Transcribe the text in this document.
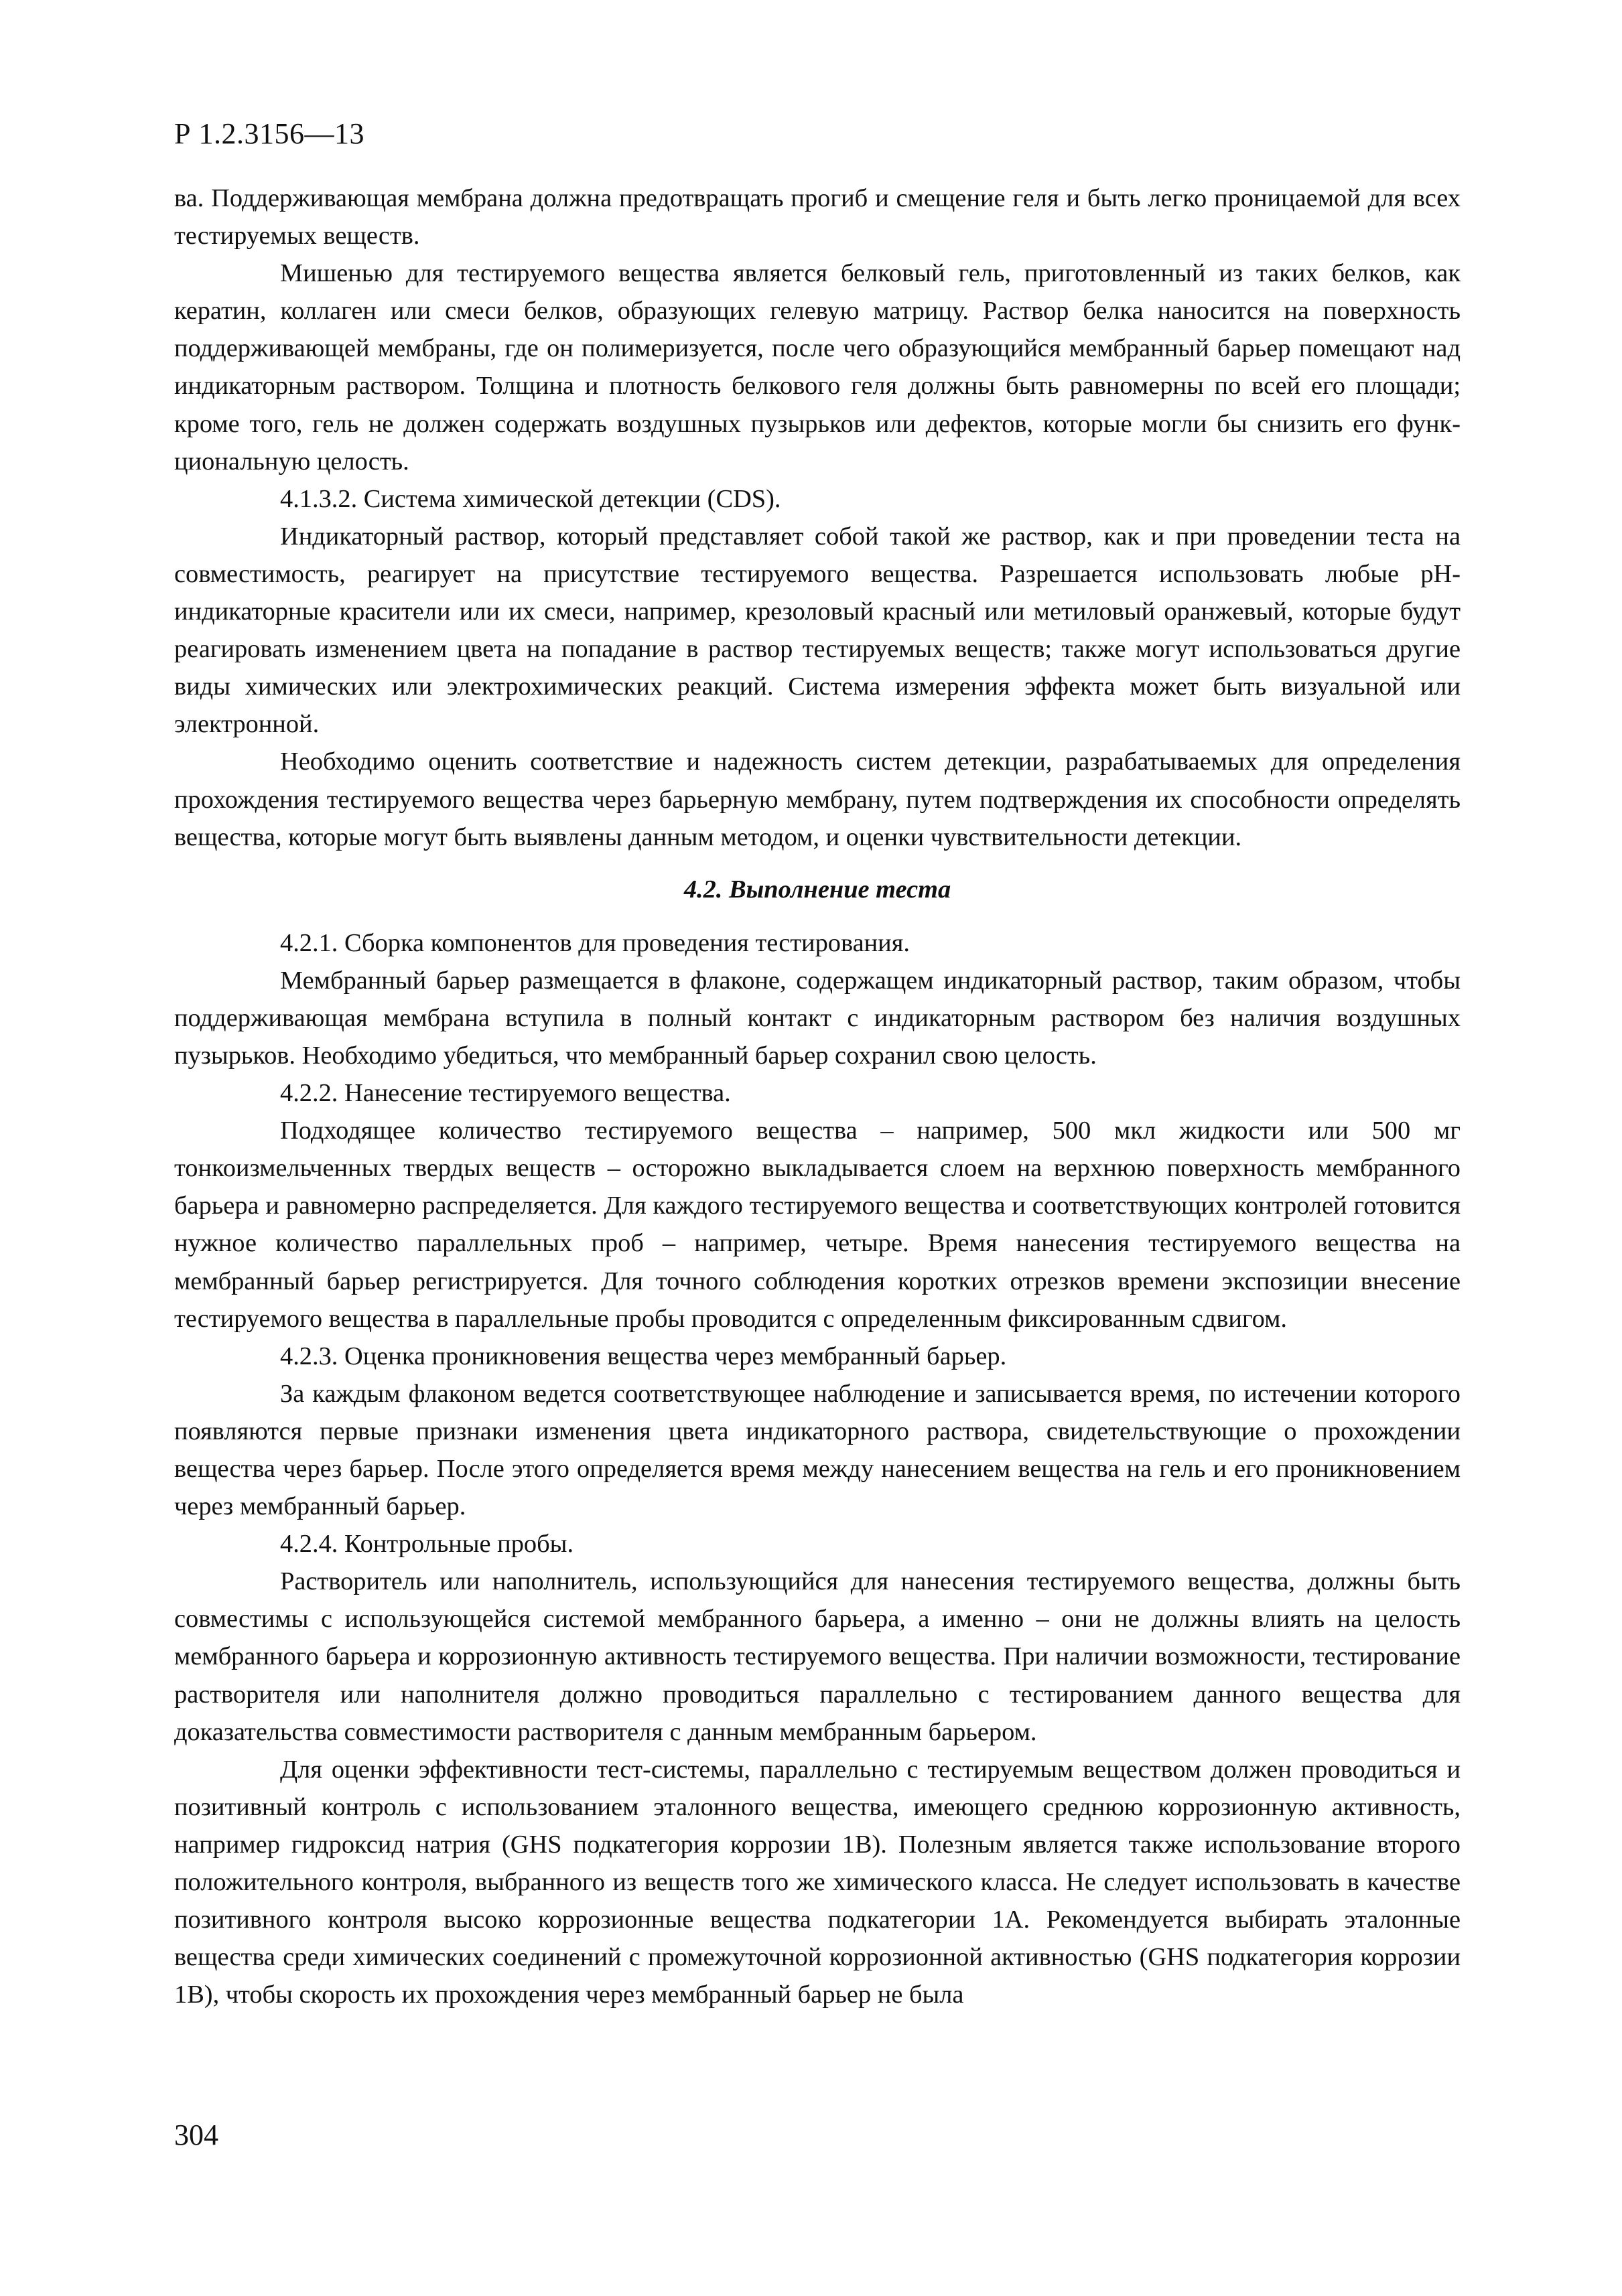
Р 1.2.3156—13

ва. Поддерживающая мембрана должна предотвращать прогиб и смещение геля и быть легко проницаемой для всех тестируемых веществ.

Мишенью для тестируемого вещества является белковый гель, приготовленный из таких белков, как кератин, коллаген или смеси белков, образующих гелевую матрицу. Раствор белка наносится на поверхность поддерживающей мембраны, где он полимеризуется, после чего образующийся мембранный барьер помещают над индикаторным раствором. Толщина и плотность белкового геля должны быть равномерны по всей его площади; кроме того, гель не должен содержать воздушных пузырьков или дефектов, которые могли бы снизить его функциональную целость.

4.1.3.2. Система химической детекции (CDS).

Индикаторный раствор, который представляет собой такой же раствор, как и при проведении теста на совместимость, реагирует на присутствие тестируемого вещества. Разрешается использовать любые рН-индикаторные красители или их смеси, например, крезоловый красный или метиловый оранжевый, которые будут реагировать изменением цвета на попадание в раствор тестируемых веществ; также могут использоваться другие виды химических или электрохимических реакций. Система измерения эффекта может быть визуальной или электронной.

Необходимо оценить соответствие и надежность систем детекции, разрабатываемых для определения прохождения тестируемого вещества через барьерную мембрану, путем подтверждения их способности определять вещества, которые могут быть выявлены данным методом, и оценки чувствительности детекции.

4.2. Выполнение теста

4.2.1. Сборка компонентов для проведения тестирования.

Мембранный барьер размещается в флаконе, содержащем индикаторный раствор, таким образом, чтобы поддерживающая мембрана вступила в полный контакт с индикаторным раствором без наличия воздушных пузырьков. Необходимо убедиться, что мембранный барьер сохранил свою целость.

4.2.2. Нанесение тестируемого вещества.

Подходящее количество тестируемого вещества – например, 500 мкл жидкости или 500 мг тонкоизмельченных твердых веществ – осторожно выкладывается слоем на верхнюю поверхность мембранного барьера и равномерно распределяется. Для каждого тестируемого вещества и соответствующих контролей готовится нужное количество параллельных проб – например, четыре. Время нанесения тестируемого вещества на мембранный барьер регистрируется. Для точного соблюдения коротких отрезков времени экспозиции внесение тестируемого вещества в параллельные пробы проводится с определенным фиксированным сдвигом.

4.2.3. Оценка проникновения вещества через мембранный барьер.

За каждым флаконом ведется соответствующее наблюдение и записывается время, по истечении которого появляются первые признаки изменения цвета индикаторного раствора, свидетельствующие о прохождении вещества через барьер. После этого определяется время между нанесением вещества на гель и его проникновением через мембранный барьер.

4.2.4. Контрольные пробы.

Растворитель или наполнитель, использующийся для нанесения тестируемого вещества, должны быть совместимы с использующейся системой мембранного барьера, а именно – они не должны влиять на целость мембранного барьера и коррозионную активность тестируемого вещества. При наличии возможности, тестирование растворителя или наполнителя должно проводиться параллельно с тестированием данного вещества для доказательства совместимости растворителя с данным мембранным барьером.

Для оценки эффективности тест-системы, параллельно с тестируемым веществом должен проводиться и позитивный контроль с использованием эталонного вещества, имеющего среднюю коррозионную активность, например гидроксид натрия (GHS подкатегория коррозии 1В). Полезным является также использование второго положительного контроля, выбранного из веществ того же химического класса. Не следует использовать в качестве позитивного контроля высоко коррозионные вещества подкатегории 1А. Рекомендуется выбирать эталонные вещества среди химических соединений с промежуточной коррозионной активностью (GHS подкатегория коррозии 1В), чтобы скорость их прохождения через мембранный барьер не была

304
